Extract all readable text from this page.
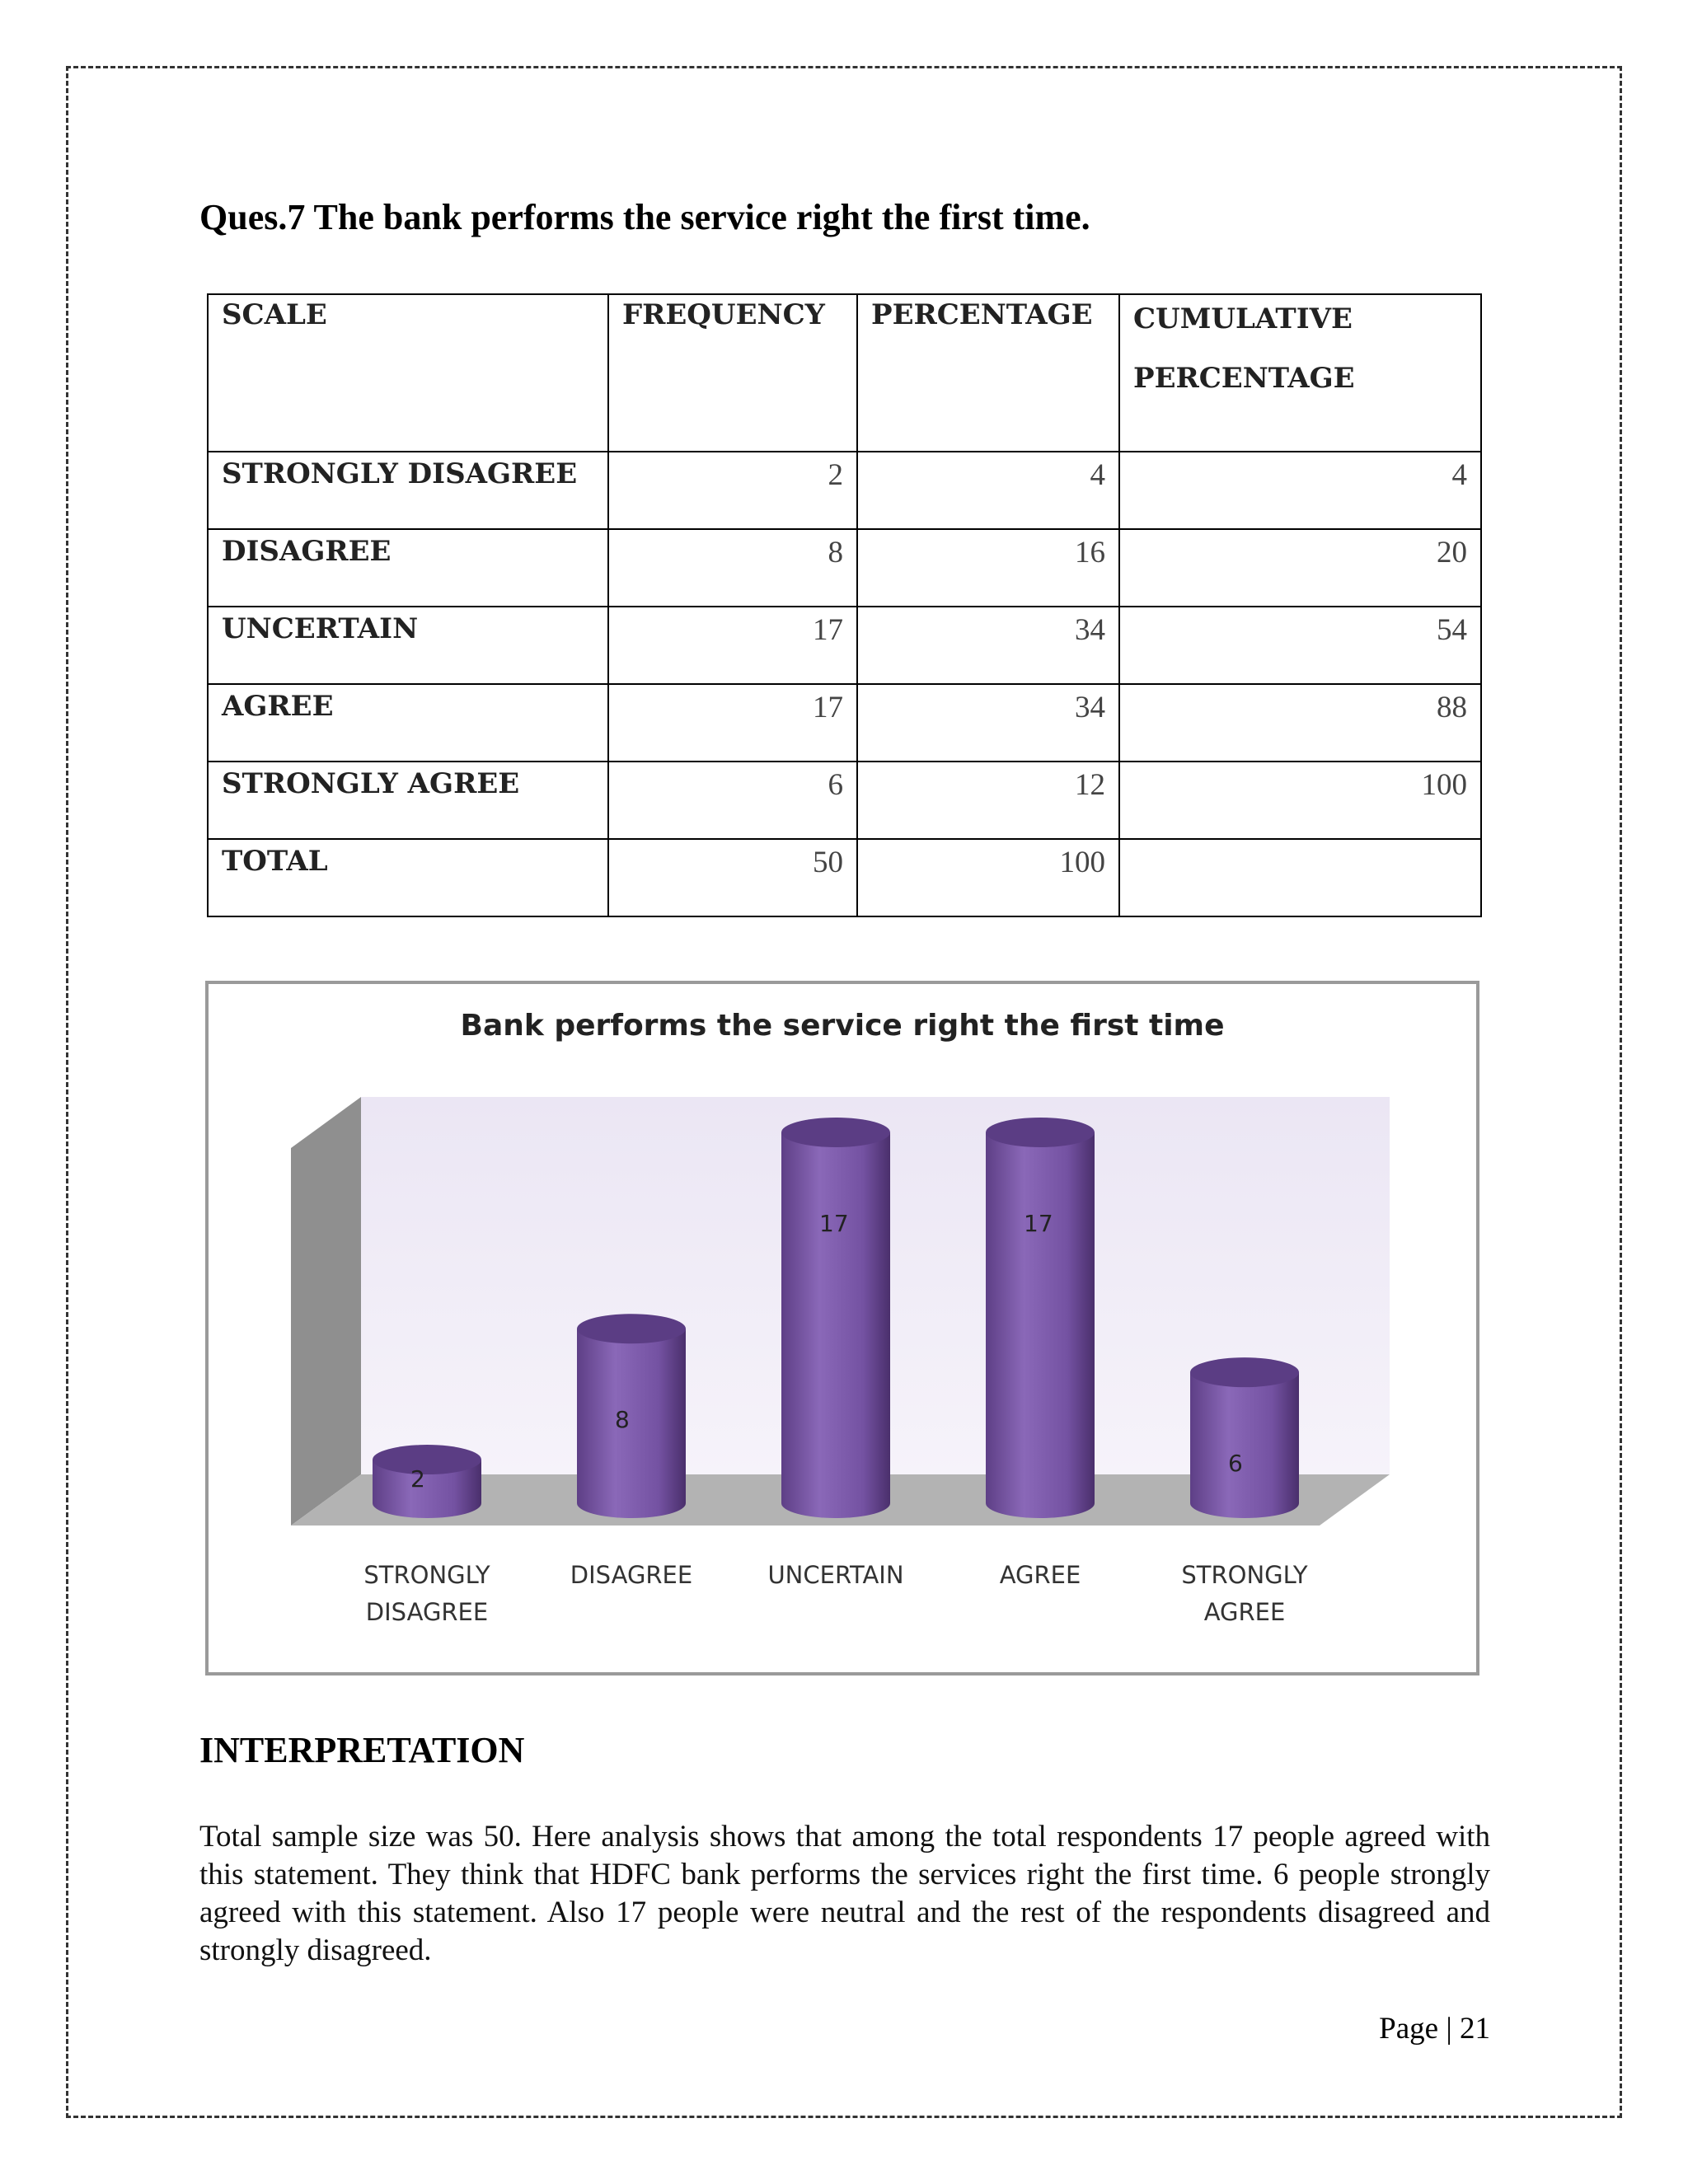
Ques.7 The bank performs the service right the first time.
SCALE	FREQUENCY	PERCENTAGE	CUMULATIVE
PERCENTAGE

STRONGLY DISAGREE	2	4	4
DISAGREE	8	16	20
UNCERTAIN	17	34	54
AGREE	17	34	88
STRONGLY AGREE	6	12	100
TOTAL	50	100	
Bank performs the service right the first time
2
8
17	17
6
STRONGLY
DISAGREE
DISAGREE	UNCERTAIN	AGREE	STRONGLY
AGREE
INTERPRETATION
Total sample size was 50. Here analysis shows that among the total respondents 17 people agreed with this statement. They think that HDFC bank performs the services right the first time. 6 people strongly agreed with this statement. Also 17 people were neutral and the rest of the respondents disagreed and strongly disagreed.
Page | 21
